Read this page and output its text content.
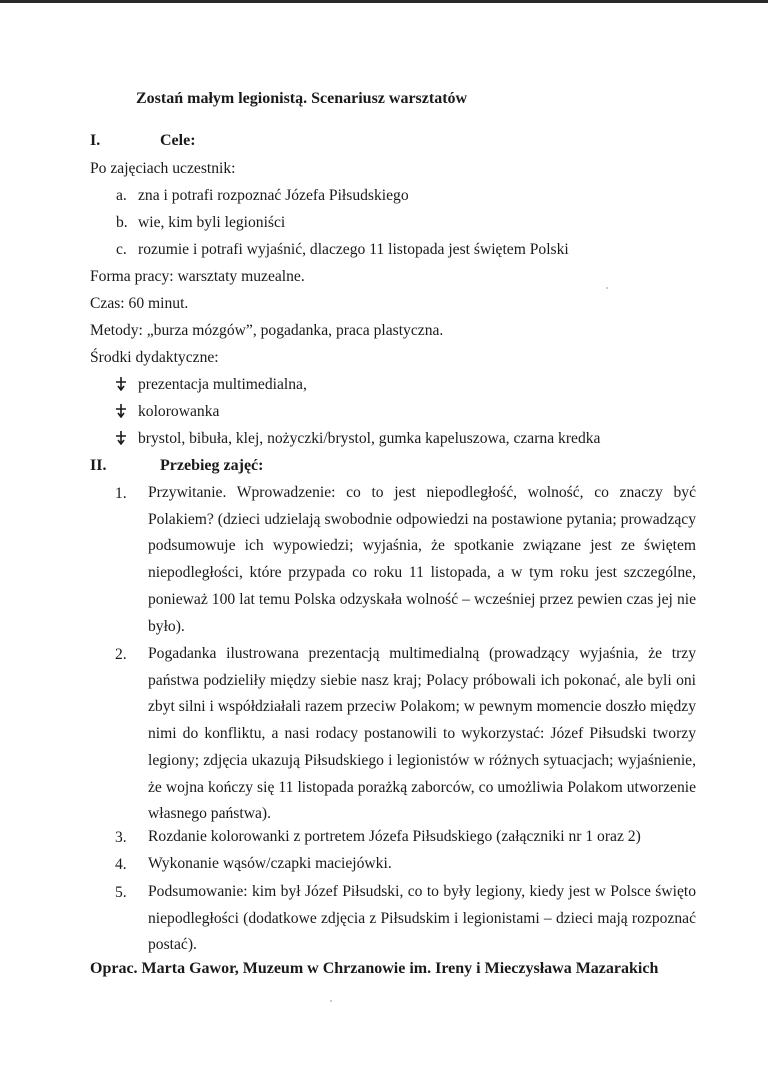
Zostań małym legionistą. Scenariusz warsztatów
I.	Cele:
Po zajęciach uczestnik:
a. zna i potrafi rozpoznać Józefa Piłsudskiego
b. wie, kim byli legioniści
c. rozumie i potrafi wyjaśnić, dlaczego 11 listopada jest świętem Polski
Forma pracy: warsztaty muzealne.
Czas: 60 minut.
Metody: „burza mózgów”, pogadanka, praca plastyczna.
Środki dydaktyczne:
prezentacja multimedialna,
kolorowanka
brystol, bibuła, klej, nożyczki/brystol, gumka kapeluszowa, czarna kredka
II.	Przebieg zajęć:
1. Przywitanie. Wprowadzenie: co to jest niepodległość, wolność, co znaczy być Polakiem? (dzieci udzielają swobodnie odpowiedzi na postawione pytania; prowadzący podsumowuje ich wypowiedzi; wyjaśnia, że spotkanie związane jest ze świętem niepodległości, które przypada co roku 11 listopada, a w tym roku jest szczególne, ponieważ 100 lat temu Polska odzyskała wolność – wcześniej przez pewien czas jej nie było).
2. Pogadanka ilustrowana prezentacją multimedialną (prowadzący wyjaśnia, że trzy państwa podzieliły między siebie nasz kraj; Polacy próbowali ich pokonać, ale byli oni zbyt silni i współdziałali razem przeciw Polakom; w pewnym momencie doszło między nimi do konfliktu, a nasi rodacy postanowili to wykorzystać: Józef Piłsudski tworzy legiony; zdjęcia ukazują Piłsudskiego i legionistów w różnych sytuacjach; wyjaśnienie, że wojna kończy się 11 listopada porażką zaborców, co umożliwia Polakom utworzenie własnego państwa).
3. Rozdanie kolorowanki z portretem Józefa Piłsudskiego (załączniki nr 1 oraz 2)
4. Wykonanie wąsów/czapki maciejówki.
5. Podsumowanie: kim był Józef Piłsudski, co to były legiony, kiedy jest w Polsce święto niepodległości (dodatkowe zdjęcia z Piłsudskim i legionistami – dzieci mają rozpoznać postać).
Oprac. Marta Gawor, Muzeum w Chrzanowie im. Ireny i Mieczysława Mazarakich
